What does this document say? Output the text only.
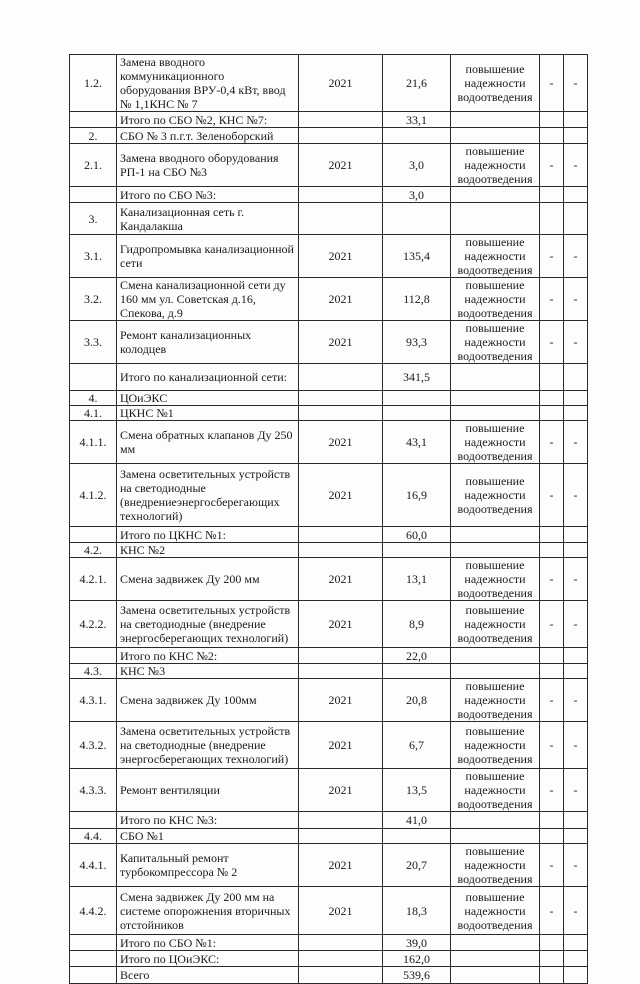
1.2.	Замена вводного коммуникационного оборудования ВРУ-0,4 кВт, ввод № 1,1КНС № 7	2021	21,6	повышение надежности водоотведения	-	-
	Итого по СБО №2, КНС №7:		33,1			
2.	СБО № 3 п.г.т. Зеленоборский					
2.1.	Замена вводного оборудования РП-1 на СБО №3	2021	3,0	повышение надежности водоотведения	-	-
	Итого по СБО №3:		3,0			
3.	Канализационная сеть г. Кандалакша					
3.1.	Гидропромывка канализационной сети	2021	135,4	повышение надежности водоотведения	-	-
3.2.	Смена канализационной сети ду 160 мм ул. Советская д.16, Спекова, д.9	2021	112,8	повышение надежности водоотведения	-	-
3.3.	Ремонт канализационных колодцев	2021	93,3	повышение надежности водоотведения	-	-
	Итого по канализационной сети:		341,5			
4.	ЦОиЭКС					
4.1.	ЦКНС №1					
4.1.1.	Смена обратных клапанов Ду 250 мм	2021	43,1	повышение надежности водоотведения	-	-
4.1.2.	Замена осветительных устройств на светодиодные (внедрениеэнергосберегающих технологий)	2021	16,9	повышение надежности водоотведения	-	-
	Итого по ЦКНС №1:		60,0			
4.2.	КНС №2					
4.2.1.	Смена задвижек Ду 200 мм	2021	13,1	повышение надежности водоотведения	-	-
4.2.2.	Замена осветительных устройств на светодиодные (внедрение энергосберегающих технологий)	2021	8,9	повышение надежности водоотведения	-	-
	Итого по КНС №2:		22,0			
4.3.	КНС №3					
4.3.1.	Смена задвижек Ду 100мм	2021	20,8	повышение надежности водоотведения	-	-
4.3.2.	Замена осветительных устройств на светодиодные (внедрение энергосберегающих технологий)	2021	6,7	повышение надежности водоотведения	-	-
4.3.3.	Ремонт вентиляции	2021	13,5	повышение надежности водоотведения	-	-
	Итого по КНС №3:		41,0			
4.4.	СБО №1					
4.4.1.	Капитальный ремонт турбокомпрессора № 2	2021	20,7	повышение надежности водоотведения	-	-
4.4.2.	Смена задвижек Ду 200 мм на системе опорожнения вторичных отстойников	2021	18,3	повышение надежности водоотведения	-	-
	Итого по СБО №1:		39,0			
	Итого по ЦОиЭКС:		162,0			
	Всего		539,6			
